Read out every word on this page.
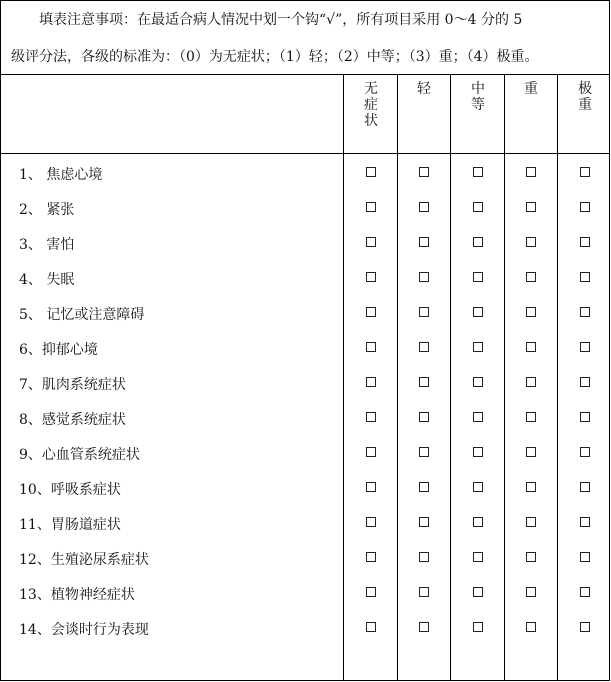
填表注意事项：在最适合病人情况中划一个钩“√”，所有项目采用 0～4 分的 5
级评分法，各级的标准为：（0）为无症状；（1）轻；（2）中等；（3）重；（4）极重。
无
症
状
轻	中
等
重	极
重
1、 焦虑心境
2、 紧张
3、 害怕
4、 失眠
5、 记忆或注意障碍
6、抑郁心境
7、肌肉系统症状
8、感觉系统症状
9、心血管系统症状
10、呼吸系症状
11、胃肠道症状
12、生殖泌尿系症状
13、植物神经症状
14、会谈时行为表现
